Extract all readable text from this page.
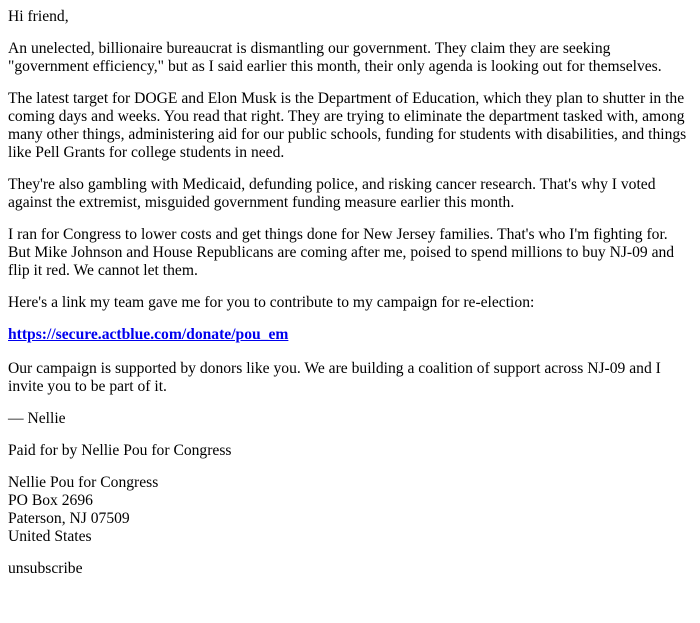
Hi friend,

An unelected, billionaire bureaucrat is dismantling our government. They claim they are seeking "government efficiency," but as I said earlier this month, their only agenda is looking out for themselves.

The latest target for DOGE and Elon Musk is the Department of Education, which they plan to shutter in the coming days and weeks. You read that right. They are trying to eliminate the department tasked with, among many other things, administering aid for our public schools, funding for students with disabilities, and things like Pell Grants for college students in need.

They're also gambling with Medicaid, defunding police, and risking cancer research. That's why I voted against the extremist, misguided government funding measure earlier this month.

I ran for Congress to lower costs and get things done for New Jersey families. That's who I'm fighting for. But Mike Johnson and House Republicans are coming after me, poised to spend millions to buy NJ-09 and flip it red. We cannot let them.

Here's a link my team gave me for you to contribute to my campaign for re-election:

https://secure.actblue.com/donate/pou_em

Our campaign is supported by donors like you. We are building a coalition of support across NJ-09 and I invite you to be part of it.

— Nellie

Paid for by Nellie Pou for Congress

Nellie Pou for Congress
PO Box 2696
Paterson, NJ 07509
United States

unsubscribe
